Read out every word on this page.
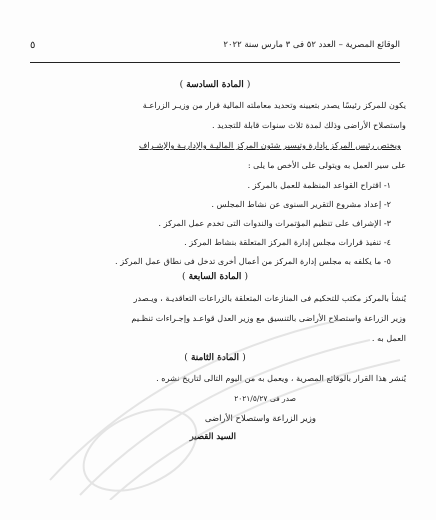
٥	الوقائع المصرية – العدد ٥٢ فى ٣ مارس سنة ٢٠٢٢
( المادة السادسة )
يكون للمركز رئيسًا يصدر بتعيينه وتحديد معاملته المالية قرار من وزيـر الزراعـة
واستصلاح الأراضى وذلك لمدة ثلاث سنوات قابلة للتجديد .
ويختص رئيس المركز بإدارة وتيسير شئون المركز الماليـة والإداريـة والإشـراف
على سير العمل به ويتولى على الأخص ما يلى :
١- اقتراح القواعد المنظمة للعمل بالمركز .
٢- إعداد مشروع التقرير السنوى عن نشاط المجلس .
٣- الإشراف على تنظيم المؤتمرات والندوات التى تخدم عمل المركز .
٤- تنفيذ قرارات مجلس إدارة المركز المتعلقة بنشاط المركز .
٥- ما يكلفه به مجلس إدارة المركز من أعمال أخرى تدخل فى نطاق عمل المركز .
( المادة السابعة )
يُنشأ بالمركز مكتب للتحكيم فى المنازعات المتعلقة بالزراعات التعاقديـة ، ويـصدر
وزير الزراعة واستصلاح الأراضى بالتنسيق مع وزير العدل قواعـد وإجـراءات تنظـيم
العمل به .
( المادة الثامنة )
يُنشر هذا القرار بالوقائع المصرية ، ويعمل به من اليوم التالى لتاريخ نشره .
صدر فى ٢٠٢١/٥/٢٧
وزير الزراعة واستصلاح الأراضى
السيد القصير
